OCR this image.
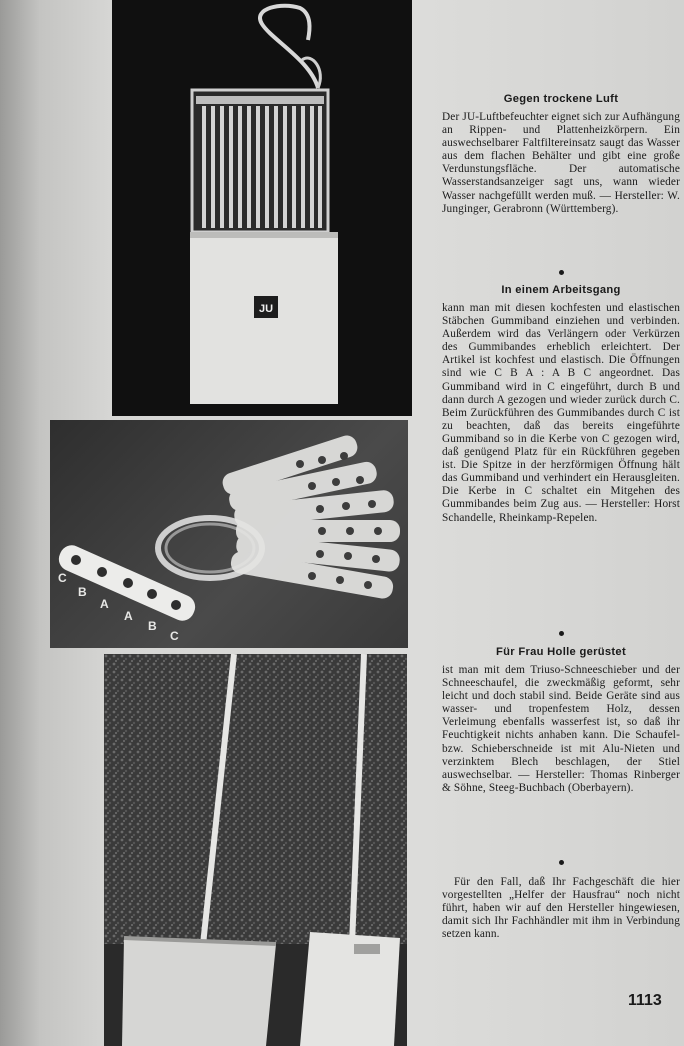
JU
C
B
A
A
B
C
Gegen trockene Luft

Der JU-Luftbefeuchter eignet sich zur Aufhängung an Rippen- und Plattenheizkörpern. Ein auswechselbarer Faltfiltereinsatz saugt das Wasser aus dem flachen Behälter und gibt eine große Verdunstungsfläche. Der automatische Wasserstandsanzeiger sagt uns, wann wieder Wasser nachgefüllt werden muß. — Hersteller: W. Junginger, Gerabronn (Württemberg).

In einem Arbeitsgang

kann man mit diesen kochfesten und elastischen Stäbchen Gummiband einziehen und verbinden. Außerdem wird das Verlängern oder Verkürzen des Gummibandes erheblich erleichtert. Der Artikel ist kochfest und elastisch. Die Öffnungen sind wie C B A : A B C angeordnet. Das Gummiband wird in C eingeführt, durch B und dann durch A gezogen und wieder zurück durch C. Beim Zurückführen des Gummibandes durch C ist zu beachten, daß das bereits eingeführte Gummiband so in die Kerbe von C gezogen wird, daß genügend Platz für ein Rückführen gegeben ist. Die Spitze in der herzförmigen Öffnung hält das Gummiband und verhindert ein Herausgleiten. Die Kerbe in C schaltet ein Mitgehen des Gummibandes beim Zug aus. — Hersteller: Horst Schandelle, Rheinkamp-Repelen.

Für Frau Holle gerüstet

ist man mit dem Triuso-Schneeschieber und der Schneeschaufel, die zweckmäßig geformt, sehr leicht und doch stabil sind. Beide Geräte sind aus wasser- und tropenfestem Holz, dessen Verleimung ebenfalls wasserfest ist, so daß ihr Feuchtigkeit nichts anhaben kann. Die Schaufel- bzw. Schieberschneide ist mit Alu-Nieten und verzinktem Blech beschlagen, der Stiel auswechselbar. — Hersteller: Thomas Rinberger & Söhne, Steeg-Buchbach (Oberbayern).

Für den Fall, daß Ihr Fachgeschäft die hier vorgestellten „Helfer der Hausfrau“ noch nicht führt, haben wir auf den Hersteller hingewiesen, damit sich Ihr Fachhändler mit ihm in Verbindung setzen kann.

1113
